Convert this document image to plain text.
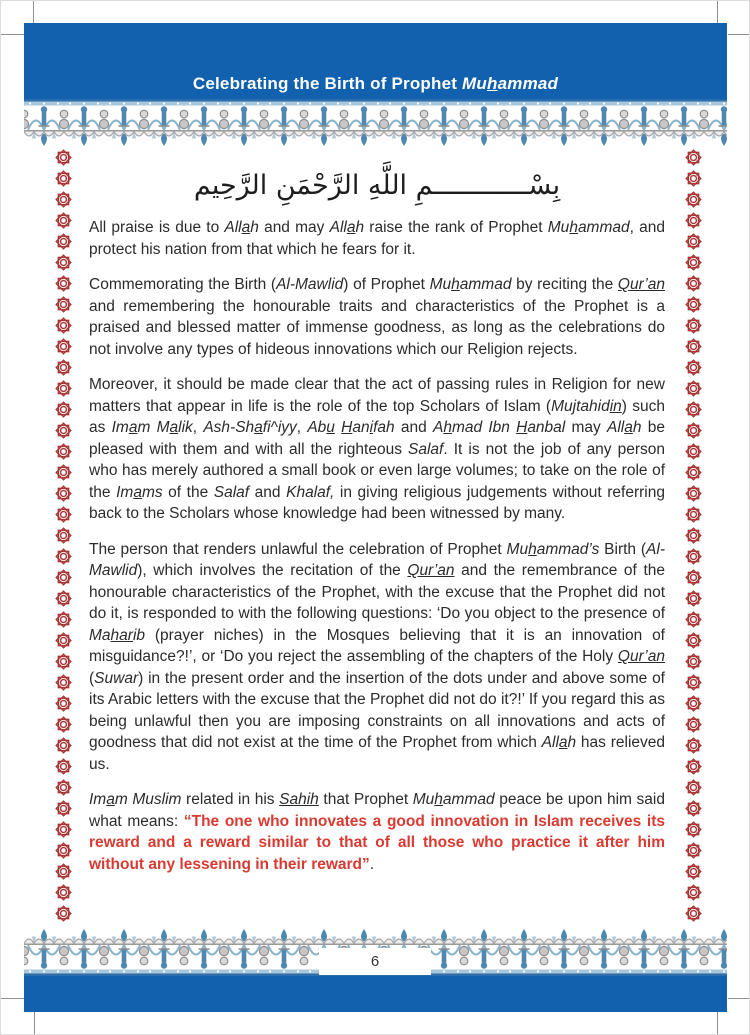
Celebrating the Birth of Prophet Muhammad
بِسْــــــــــــمِ اللَّهِ الرَّحْمَنِ الرَّحِيم

All praise is due to Allah and may Allah raise the rank of Prophet Muhammad, and protect his nation from that which he fears for it.

Commemorating the Birth (Al-Mawlid) of Prophet Muhammad by reciting the Qur’an and remembering the honourable traits and characteristics of the Prophet is a praised and blessed matter of immense goodness, as long as the celebrations do not involve any types of hideous innovations which our Religion rejects.

Moreover, it should be made clear that the act of passing rules in Religion for new matters that appear in life is the role of the top Scholars of Islam (Mujtahidin) such as Imam Malik, Ash-Shafi^iyy, Abu Hanifah and Ahmad Ibn Hanbal may Allah be pleased with them and with all the righteous Salaf. It is not the job of any person who has merely authored a small book or even large volumes; to take on the role of the Imams of the Salaf and Khalaf, in giving religious judgements without referring back to the Scholars whose knowledge had been witnessed by many.

The person that renders unlawful the celebration of Prophet Muhammad’s Birth (Al-Mawlid), which involves the recitation of the Qur’an and the remembrance of the honourable characteristics of the Prophet, with the excuse that the Prophet did not do it, is responded to with the following questions: ‘Do you object to the presence of Maharib (prayer niches) in the Mosques believing that it is an innovation of misguidance?!’, or ‘Do you reject the assembling of the chapters of the Holy Qur’an (Suwar) in the present order and the insertion of the dots under and above some of its Arabic letters with the excuse that the Prophet did not do it?!’ If you regard this as being unlawful then you are imposing constraints on all innovations and acts of goodness that did not exist at the time of the Prophet from which Allah has relieved us.

Imam Muslim related in his Sahih that Prophet Muhammad peace be upon him said what means: “The one who innovates a good innovation in Islam receives its reward and a reward similar to that of all those who practice it after him without any lessening in their reward”.

6
